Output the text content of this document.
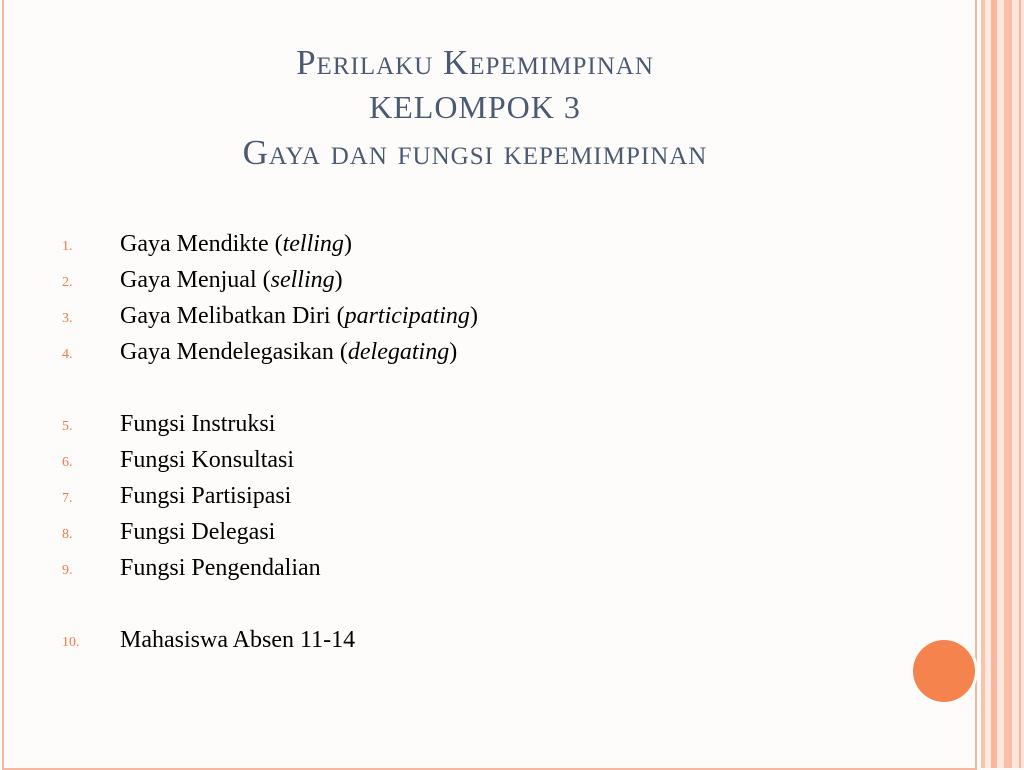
Perilaku Kepemimpinan
KELOMPOK 3
Gaya dan fungsi kepemimpinan
1. Gaya Mendikte (telling)
2. Gaya Menjual (selling)
3. Gaya Melibatkan Diri (participating)
4. Gaya Mendelegasikan (delegating)
5. Fungsi Instruksi
6. Fungsi Konsultasi
7. Fungsi Partisipasi
8. Fungsi Delegasi
9. Fungsi Pengendalian
10. Mahasiswa Absen 11-14
